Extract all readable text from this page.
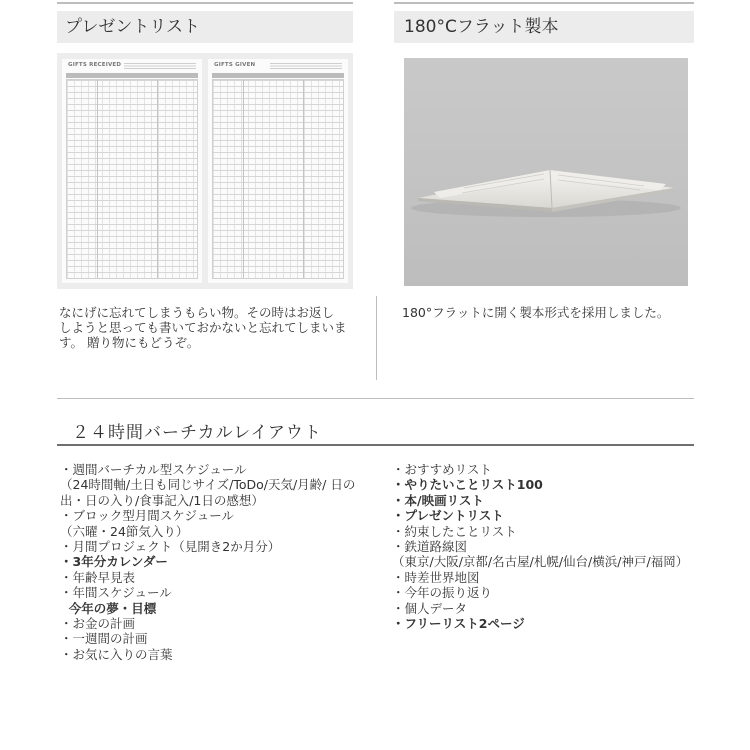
プレゼントリスト	180°Cフラット製本
GIFTS RECEIVED	GIFTS GIVEN
なにげに忘れてしまうもらい物。その時はお返し しようと思っても書いておかないと忘れてしまいます。 贈り物にもどうぞ。
180°フラットに開く製本形式を採用しました。
２４時間バーチカルレイアウト
・週間バーチカル型スケジュール
（24時間軸/土日も同じサイズ/ToDo/天気/月齢/ 日の出・日の入り/食事記入/1日の感想）
・ブロック型月間スケジュール
（六曜・24節気入り）
・月間プロジェクト（見開き2か月分）
・3年分カレンダー
・年齢早見表
・年間スケジュール
今年の夢・目標
・お金の計画
・一週間の計画
・お気に入りの言葉
・おすすめリスト
・やりたいことリスト100
・本/映画リスト
・プレゼントリスト
・約束したことリスト
・鉄道路線図
（東京/大阪/京都/名古屋/札幌/仙台/横浜/神戸/福岡）
・時差世界地図
・今年の振り返り
・個人データ
・フリーリスト2ページ
